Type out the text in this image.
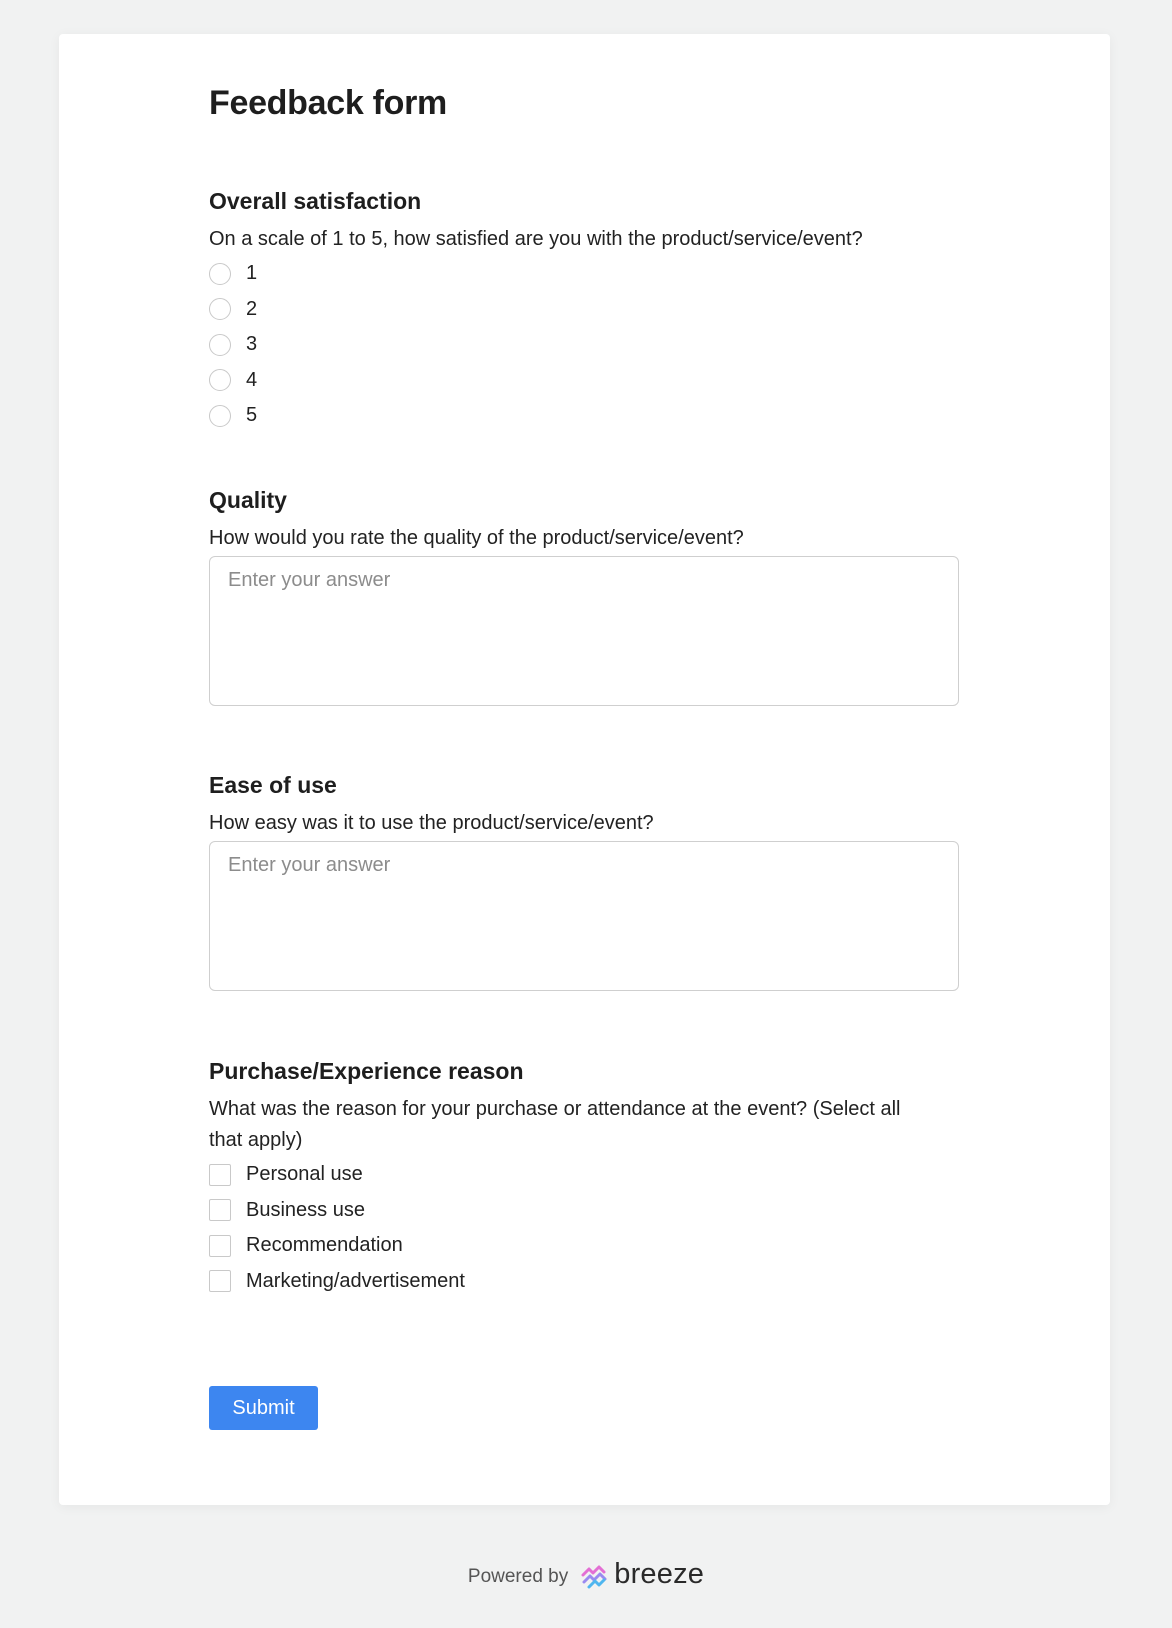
Feedback form
Overall satisfaction

On a scale of 1 to 5, how satisfied are you with the product/service/event?

1
2
3
4
5
Quality

How would you rate the quality of the product/service/event?

Enter your answer
Ease of use

How easy was it to use the product/service/event?

Enter your answer
Purchase/Experience reason

What was the reason for your purchase or attendance at the event? (Select all that apply)

Personal use
Business use
Recommendation
Marketing/advertisement
Submit
Powered by breeze
